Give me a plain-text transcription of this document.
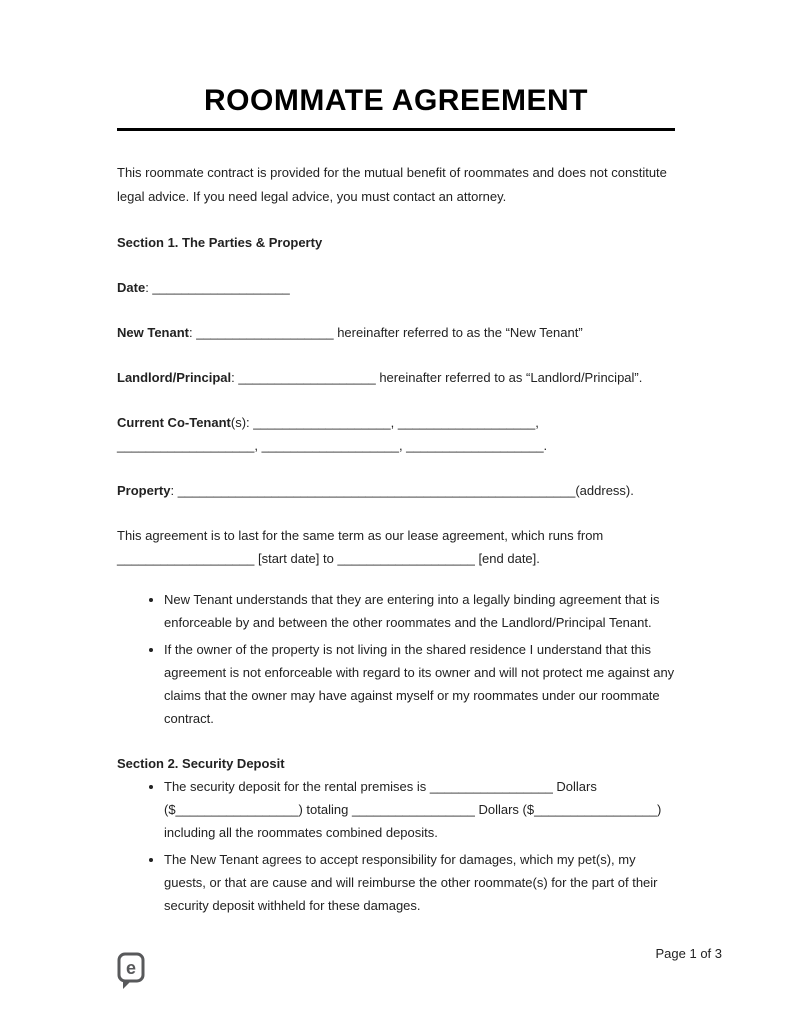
ROOMMATE AGREEMENT

This roommate contract is provided for the mutual benefit of roommates and does not constitute legal advice. If you need legal advice, you must contact an attorney.

Section 1. The Parties & Property

Date: ___________________

New Tenant: ___________________ hereinafter referred to as the “New Tenant”

Landlord/Principal: ___________________ hereinafter referred to as “Landlord/Principal”.

Current Co-Tenant(s): ___________________, ___________________, ___________________, ___________________, ___________________.

Property: _______________________________________________________(address).

This agreement is to last for the same term as our lease agreement, which runs from ___________________ [start date] to ___________________ [end date].

• New Tenant understands that they are entering into a legally binding agreement that is enforceable by and between the other roommates and the Landlord/Principal Tenant.
• If the owner of the property is not living in the shared residence I understand that this agreement is not enforceable with regard to its owner and will not protect me against any claims that the owner may have against myself or my roommates under our roommate contract.

Section 2. Security Deposit

• The security deposit for the rental premises is _________________ Dollars ($_________________) totaling _________________ Dollars ($_________________) including all the roommates combined deposits.
• The New Tenant agrees to accept responsibility for damages, which my pet(s), my guests, or that are cause and will reimburse the other roommate(s) for the part of their security deposit withheld for these damages.
e
Page 1 of 3
